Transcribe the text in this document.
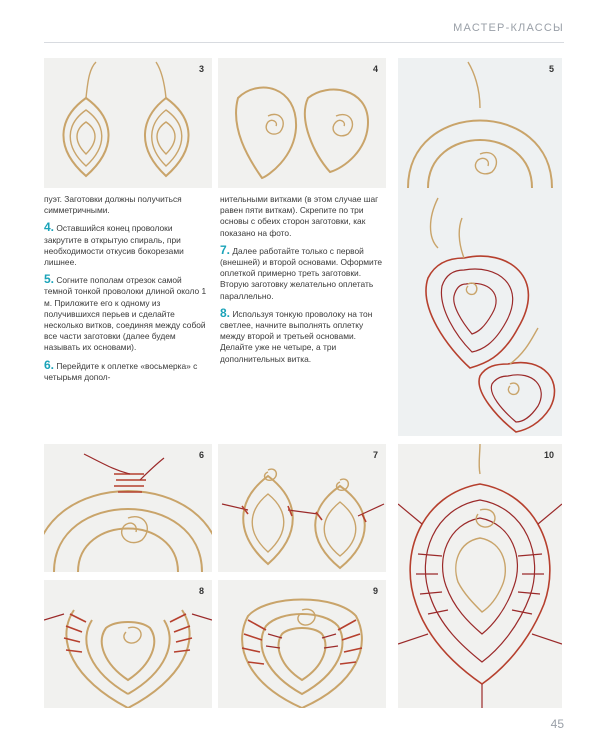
МАСТЕР-КЛАССЫ
3	4	5

пуэт. Заготовки должны получиться симметричными.

4. Оставшийся конец проволоки закрутите в открытую спираль, при необходимости откусив бокорезами лишнее.

5. Согните пополам отрезок самой темной тонкой проволоки длиной около 1 м. Приложите его к одному из получившихся перьев и сделайте несколько витков, соединяя между собой все части заготовки (далее будем называть их основами).

6. Перейдите к оплетке «восьмерка» с четырьмя допол-

нительными витками (в этом случае шаг равен пяти виткам). Скрепите по три основы с обеих сторон заготовки, как показано на фото.

7. Далее работайте только с первой (внешней) и второй основами. Оформите оплеткой примерно треть заготовки. Вторую заготовку желательно оплетать параллельно.

8. Используя тонкую проволоку на тон светлее, начните выполнять оплетку между второй и третьей основами. Делайте уже не четыре, а три дополнительных витка.

6	7
8	9
10
45
